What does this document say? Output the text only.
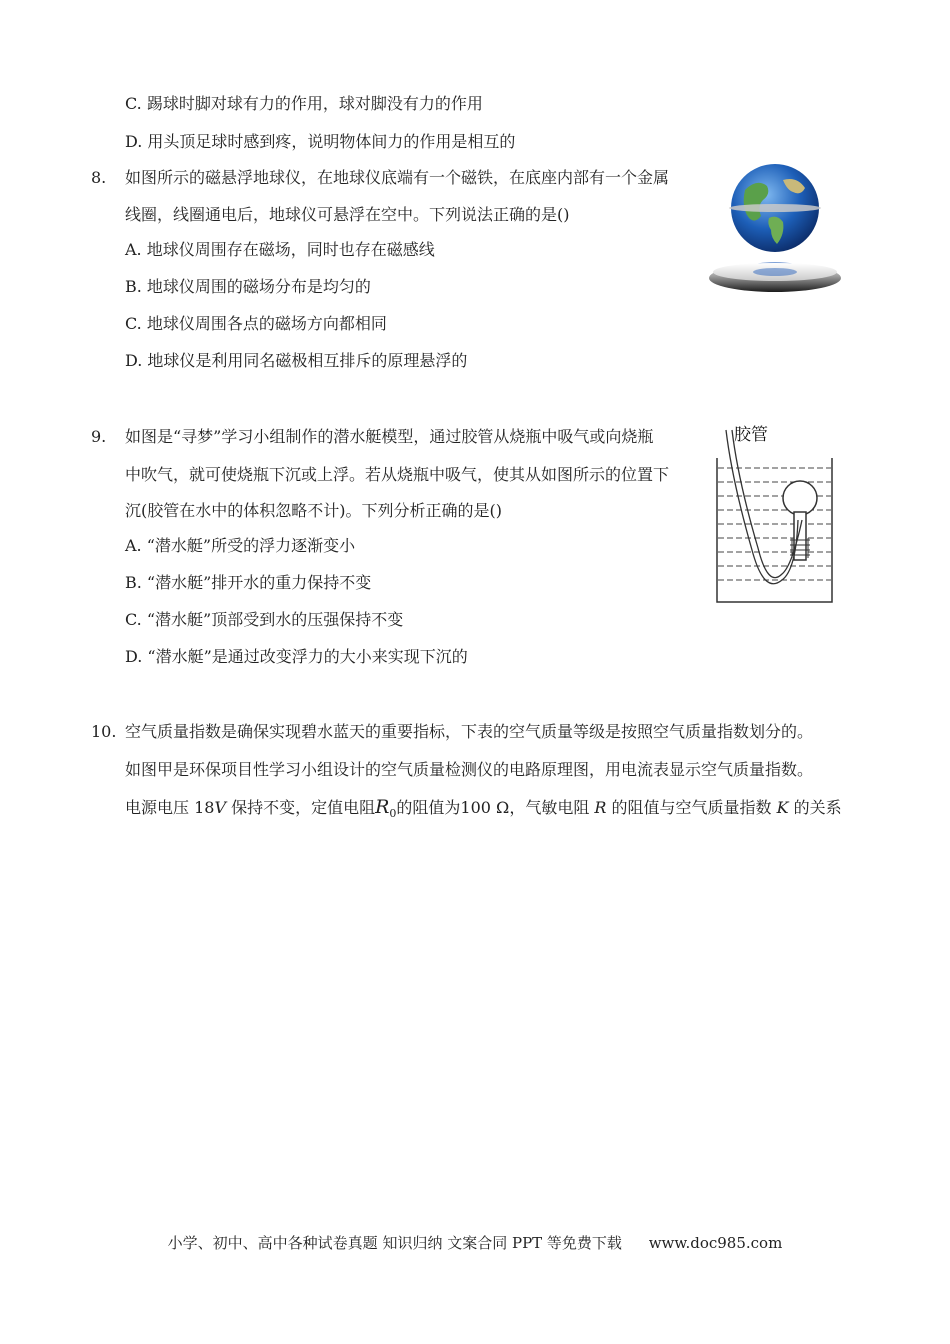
C. 踢球时脚对球有力的作用，球对脚没有力的作用
D. 用头顶足球时感到疼，说明物体间力的作用是相互的
8. 如图所示的磁悬浮地球仪，在地球仪底端有一个磁铁，在底座内部有一个金属
线圈，线圈通电后，地球仪可悬浮在空中。下列说法正确的是()
A. 地球仪周围存在磁场，同时也存在磁感线
B. 地球仪周围的磁场分布是均匀的
C. 地球仪周围各点的磁场方向都相同
D. 地球仪是利用同名磁极相互排斥的原理悬浮的
9. 如图是“寻梦”学习小组制作的潜水艇模型，通过胶管从烧瓶中吸气或向烧瓶
中吹气，就可使烧瓶下沉或上浮。若从烧瓶中吸气，使其从如图所示的位置下
沉(胶管在水中的体积忽略不计)。下列分析正确的是()
A. “潜水艇”所受的浮力逐渐变小
B. “潜水艇”排开水的重力保持不变
C. “潜水艇”顶部受到水的压强保持不变
D. “潜水艇”是通过改变浮力的大小来实现下沉的
胶管
10. 空气质量指数是确保实现碧水蓝天的重要指标，下表的空气质量等级是按照空气质量指数划分的。
如图甲是环保项目性学习小组设计的空气质量检测仪的电路原理图，用电流表显示空气质量指数。
电源电压 18V 保持不变，定值电阻$R_0$的阻值为100 Ω，气敏电阻 R 的阻值与空气质量指数 K 的关系
小学、初中、高中各种试卷真题 知识归纳 文案合同 PPT 等免费下载 www.doc985.com
